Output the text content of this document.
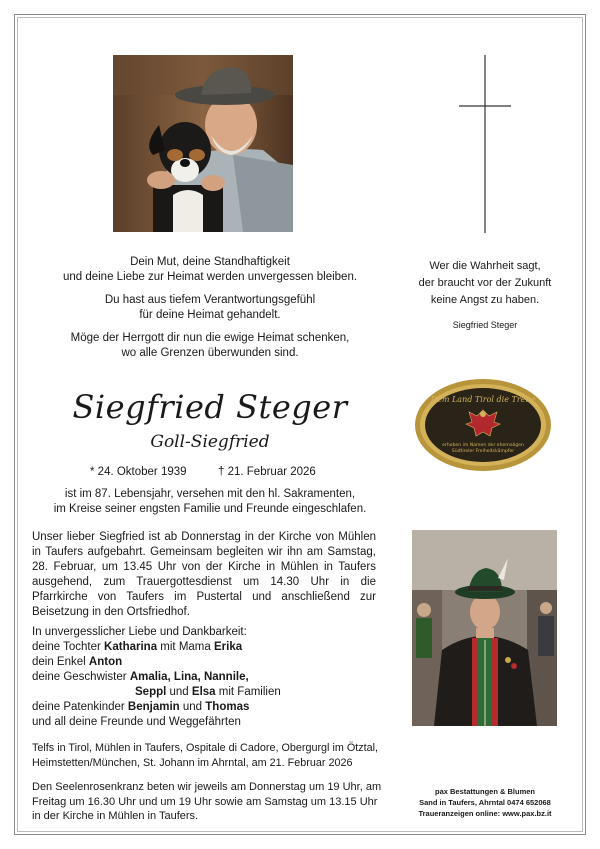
Dein Mut, deine Standhaftigkeit
und deine Liebe zur Heimat werden unvergessen bleiben.

Du hast aus tiefem Verantwortungsgefühl
für deine Heimat gehandelt.

Möge der Herrgott dir nun die ewige Heimat schenken,
wo alle Grenzen überwunden sind.

Wer die Wahrheit sagt,

der braucht vor der Zukunft

keine Angst zu haben.

Siegfried Steger

Siegfried Steger
Goll-Siegfried
* 24. Oktober 1939	† 21. Februar 2026
ist im 87. Lebensjahr, versehen mit den hl. Sakramenten,
im Kreise seiner engsten Familie und Freunde eingeschlafen.
Dem Land Tirol die Treue
erhoben im Namen der ehemaligen
Südtiroler Freiheitskämpfer
Unser lieber Siegfried ist ab Donnerstag in der Kirche von Mühlen in Taufers aufgebahrt. Gemeinsam begleiten wir ihn am Samstag, 28. Februar, um 13.45 Uhr von der Kirche in Mühlen in Taufers ausgehend, zum Trauergottesdienst um 14.30 Uhr in die Pfarrkirche von Taufers im Pustertal und anschließend zur Beisetzung in den Ortsfriedhof.
In unvergesslicher Liebe und Dankbarkeit:
deine Tochter Katharina mit Mama Erika
dein Enkel Anton
deine Geschwister Amalia, Lina, Nannile,
Seppl und Elsa mit Familien
deine Patenkinder Benjamin und Thomas
und all deine Freunde und Weggefährten
Telfs in Tirol, Mühlen in Taufers, Ospitale di Cadore, Obergurgl im Ötztal,
Heimstetten/München, St. Johann im Ahrntal, am 21. Februar 2026
Den Seelenrosenkranz beten wir jeweils am Donnerstag um 19 Uhr, am Freitag um 16.30 Uhr und um 19 Uhr sowie am Samstag um 13.15 Uhr in der Kirche in Mühlen in Taufers.
pax Bestattungen & Blumen
Sand in Taufers, Ahrntal 0474 652068
Traueranzeigen online: www.pax.bz.it
